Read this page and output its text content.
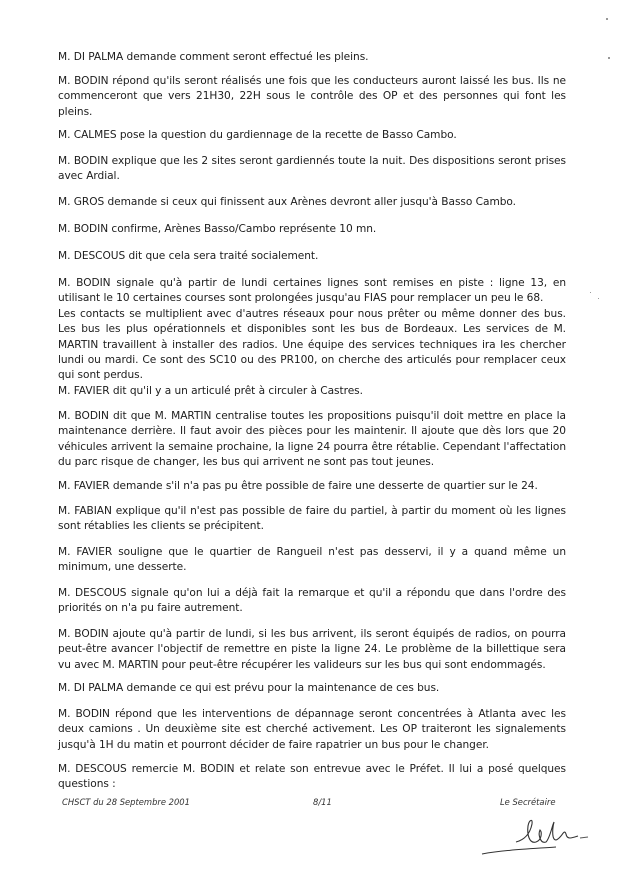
M. DI PALMA demande comment seront effectué les pleins.

M. BODIN répond qu'ils seront réalisés une fois que les conducteurs auront laissé les bus. Ils ne commenceront que vers 21H30, 22H sous le contrôle des OP et des personnes qui font les pleins.

M. CALMES pose la question du gardiennage de la recette de Basso Cambo.

M. BODIN explique que les 2 sites seront gardiennés toute la nuit. Des dispositions seront prises avec Ardial.

M. GROS demande si ceux qui finissent aux Arènes devront aller jusqu'à Basso Cambo.

M. BODIN confirme, Arènes Basso/Cambo représente 10 mn.

M. DESCOUS dit que cela sera traité socialement.

M. BODIN signale qu'à partir de lundi certaines lignes sont remises en piste : ligne 13, en utilisant le 10 certaines courses sont prolongées jusqu'au FIAS pour remplacer un peu le 68.
Les contacts se multiplient avec d'autres réseaux pour nous prêter ou même donner des bus. Les bus les plus opérationnels et disponibles sont les bus de Bordeaux. Les services de M. MARTIN travaillent à installer des radios. Une équipe des services techniques ira les chercher lundi ou mardi. Ce sont des SC10 ou des PR100, on cherche des articulés pour remplacer ceux qui sont perdus.

M. FAVIER dit qu'il y a un articulé prêt à circuler à Castres.

M. BODIN dit que M. MARTIN centralise toutes les propositions puisqu'il doit mettre en place la maintenance derrière. Il faut avoir des pièces pour les maintenir. Il ajoute que dès lors que 20 véhicules arrivent la semaine prochaine, la ligne 24 pourra être rétablie. Cependant l'affectation du parc risque de changer, les bus qui arrivent ne sont pas tout jeunes.

M. FAVIER demande s'il n'a pas pu être possible de faire une desserte de quartier sur le 24.

M. FABIAN explique qu'il n'est pas possible de faire du partiel, à partir du moment où les lignes sont rétablies les clients se précipitent.

M. FAVIER souligne que le quartier de Rangueil n'est pas desservi, il y a quand même un minimum, une desserte.

M. DESCOUS signale qu'on lui a déjà fait la remarque et qu'il a répondu que dans l'ordre des priorités on n'a pu faire autrement.

M. BODIN ajoute qu'à partir de lundi, si les bus arrivent, ils seront équipés de radios, on pourra peut-être avancer l'objectif de remettre en piste la ligne 24. Le problème de la billettique sera vu avec M. MARTIN pour peut-être récupérer les valideurs sur les bus qui sont endommagés.

M. DI PALMA demande ce qui est prévu pour la maintenance de ces bus.

M. BODIN répond que les interventions de dépannage seront concentrées à Atlanta avec les deux camions . Un deuxième site est cherché activement. Les OP traiteront les signalements jusqu'à 1H du matin et pourront décider de faire rapatrier un bus pour le changer.

M. DESCOUS remercie M. BODIN et relate son entrevue avec le Préfet. Il lui a posé quelques questions :

CHSCT du 28 Septembre 2001	8/11	Le Secrétaire
